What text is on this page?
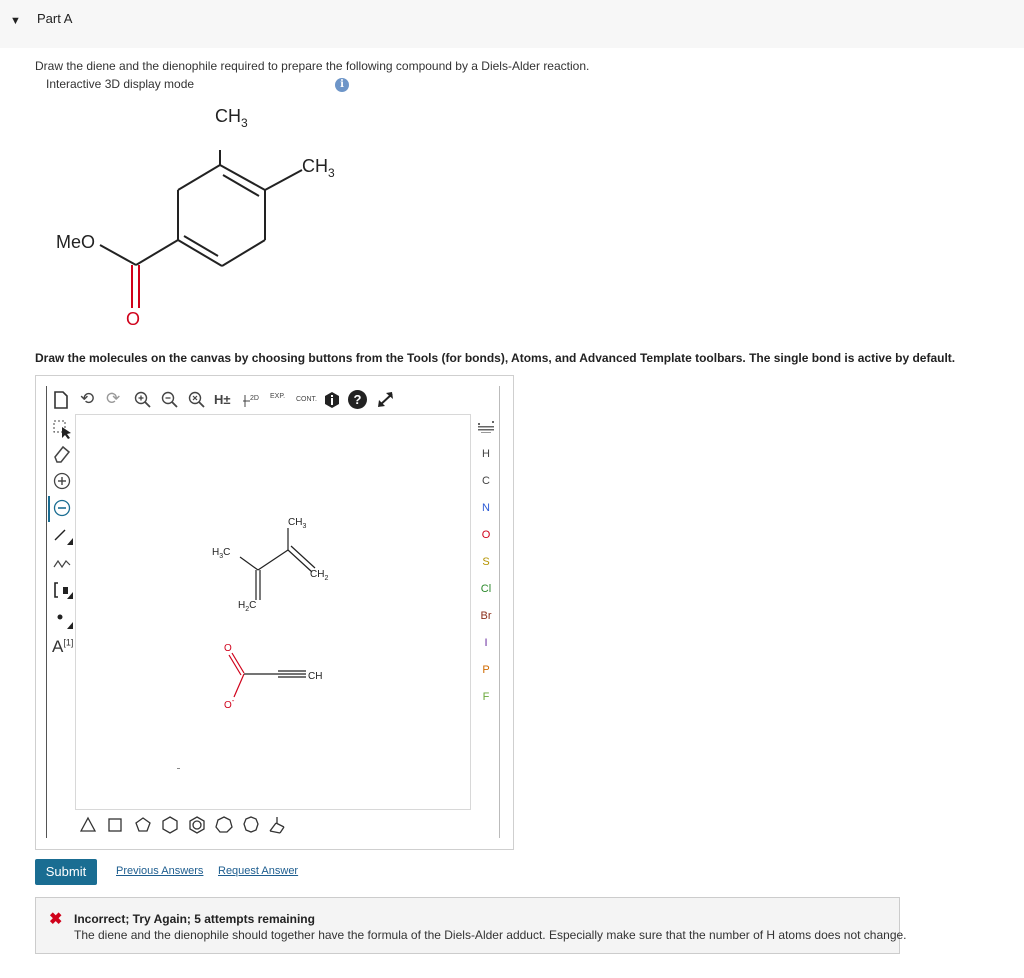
▼ Part A
Draw the diene and the dienophile required to prepare the following compound by a Diels-Alder reaction.
Interactive 3D display mode	i
$CH_3$
$CH_3$
MeO
O
Draw the molecules on the canvas by choosing buttons from the Tools (for bonds), Atoms, and Advanced Template toolbars. The single bond is active by default.
⟲ ⟳	H±	2D EXP. CONT.	?
A[1]
H
C
N
O
S
Cl
Br
I
P
F
$CH_3$
$H_3C$
$CH_2$
$H_2C$
O
O-
CH
Submit	Previous Answers Request Answer
✖ Incorrect; Try Again; 5 attempts remaining
The diene and the dienophile should together have the formula of the Diels-Alder adduct. Especially make sure that the number of H atoms does not change.
